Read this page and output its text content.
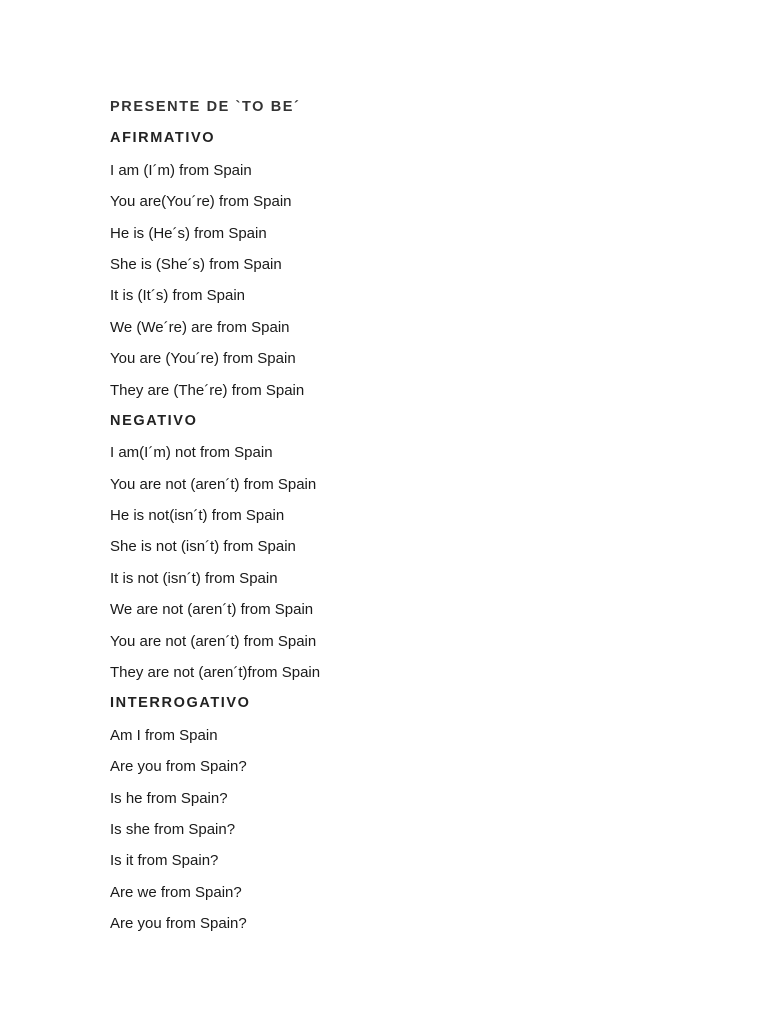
PRESENTE DE `TO BE´
AFIRMATIVO
I am (I´m) from Spain
You are(You´re) from Spain
He is (He´s) from Spain
She is (She´s) from Spain
It is (It´s) from Spain
We (We´re) are from Spain
You are (You´re) from Spain
They are (The´re) from Spain
NEGATIVO
I am(I´m) not from Spain
You are not (aren´t) from Spain
He is not(isn´t) from Spain
She is not (isn´t) from Spain
It is not (isn´t) from Spain
We are not (aren´t) from Spain
You are not (aren´t) from Spain
They are not (aren´t)from Spain
INTERROGATIVO
Am I from Spain
Are you from Spain?
Is he from Spain?
Is she from Spain?
Is it from Spain?
Are we from Spain?
Are you from Spain?
